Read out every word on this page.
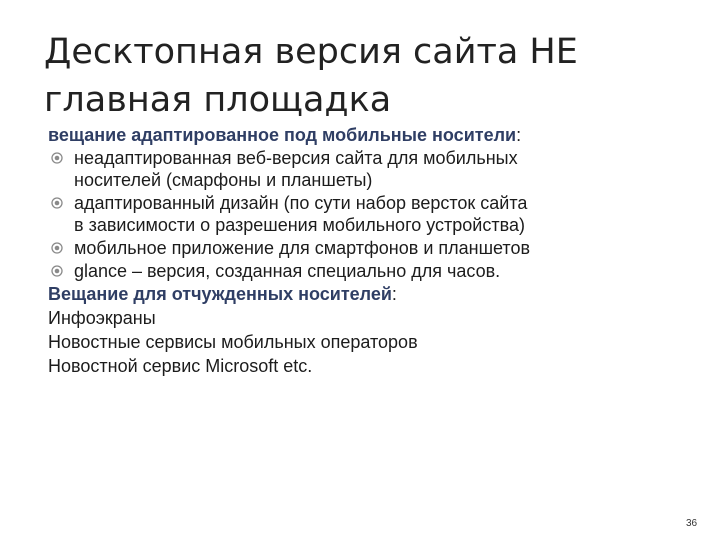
Десктопная версия сайта НЕ
главная площадка

вещание адаптированное под мобильные носители:

неадаптированная веб-версия сайта для мобильных
носителей (смарфоны и планшеты)
адаптированный дизайн (по сути набор версток сайта
в зависимости о разрешения мобильного устройства)
мобильное приложение для смартфонов и планшетов
glance – версия, созданная специально для часов.

Вещание для отчужденных носителей:

Инфоэкраны

Новостные сервисы мобильных операторов

Новостной сервис Microsoft etc.

36
